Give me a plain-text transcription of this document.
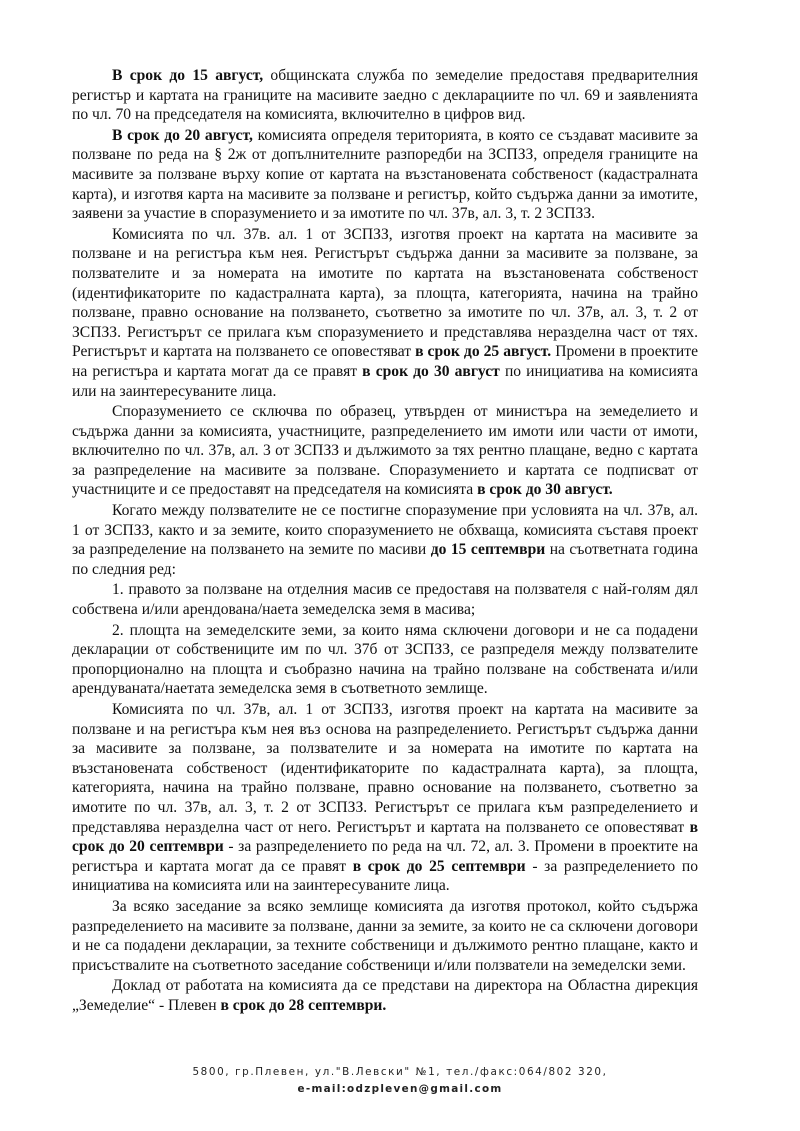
В срок до 15 август, общинската служба по земеделие предоставя предварителния регистър и картата на границите на масивите заедно с декларациите по чл. 69 и заявленията по чл. 70 на председателя на комисията, включително в цифров вид.

В срок до 20 август, комисията определя територията, в която се създават масивите за ползване по реда на § 2ж от допълнителните разпоредби на ЗСПЗЗ, определя границите на масивите за ползване върху копие от картата на възстановената собственост (кадастралната карта), и изготвя карта на масивите за ползване и регистър, който съдържа данни за имотите, заявени за участие в споразумението и за имотите по чл. 37в, ал. 3, т. 2 ЗСПЗЗ.

Комисията по чл. 37в. ал. 1 от ЗСПЗЗ, изготвя проект на картата на масивите за ползване и на регистъра към нея. Регистърът съдържа данни за масивите за ползване, за ползвателите и за номерата на имотите по картата на възстановената собственост (идентификаторите по кадастралната карта), за площта, категорията, начина на трайно ползване, правно основание на ползването, съответно за имотите по чл. 37в, ал. 3, т. 2 от ЗСПЗЗ. Регистърът се прилага към споразумението и представлява неразделна част от тях. Регистърът и картата на ползването се оповестяват в срок до 25 август. Промени в проектите на регистъра и картата могат да се правят в срок до 30 август по инициатива на комисията или на заинтересуваните лица.

Споразумението се сключва по образец, утвърден от министъра на земеделието и съдържа данни за комисията, участниците, разпределението им имоти или части от имоти, включително по чл. 37в, ал. 3 от ЗСПЗЗ и дължимото за тях рентно плащане, ведно с картата за разпределение на масивите за ползване. Споразумението и картата се подписват от участниците и се предоставят на председателя на комисията в срок до 30 август.

Когато между ползвателите не се постигне споразумение при условията на чл. 37в, ал. 1 от ЗСПЗЗ, както и за земите, които споразумението не обхваща, комисията съставя проект за разпределение на ползването на земите по масиви до 15 септември на съответната година по следния ред:

1. правото за ползване на отделния масив се предоставя на ползвателя с най-голям дял собствена и/или арендована/наета земеделска земя в масива;

2. площта на земеделските земи, за които няма сключени договори и не са подадени декларации от собствениците им по чл. 37б от ЗСПЗЗ, се разпределя между ползвателите пропорционално на площта и съобразно начина на трайно ползване на собствената и/или арендуваната/наетата земеделска земя в съответното землище.

Комисията по чл. 37в, ал. 1 от ЗСПЗЗ, изготвя проект на картата на масивите за ползване и на регистъра към нея въз основа на разпределението. Регистърът съдържа данни за масивите за ползване, за ползвателите и за номерата на имотите по картата на възстановената собственост (идентификаторите по кадастралната карта), за площта, категорията, начина на трайно ползване, правно основание на ползването, съответно за имотите по чл. 37в, ал. 3, т. 2 от ЗСПЗЗ. Регистърът се прилага към разпределението и представлява неразделна част от него. Регистърът и картата на ползването се оповестяват в срок до 20 септември - за разпределението по реда на чл. 72, ал. 3. Промени в проектите на регистъра и картата могат да се правят в срок до 25 септември - за разпределението по инициатива на комисията или на заинтересуваните лица.

За всяко заседание за всяко землище комисията да изготвя протокол, който съдържа разпределението на масивите за ползване, данни за земите, за които не са сключени договори и не са подадени декларации, за техните собственици и дължимото рентно плащане, както и присъствалите на съответното заседание собственици и/или ползватели на земеделски земи.

Доклад от работата на комисията да се представи на директора на Областна дирекция „Земеделие“ - Плевен в срок до 28 септември.

5800, гр.Плевен, ул."В.Левски" №1, тел./факс:064/802 320,
e-mail:odzpleven@gmail.com
